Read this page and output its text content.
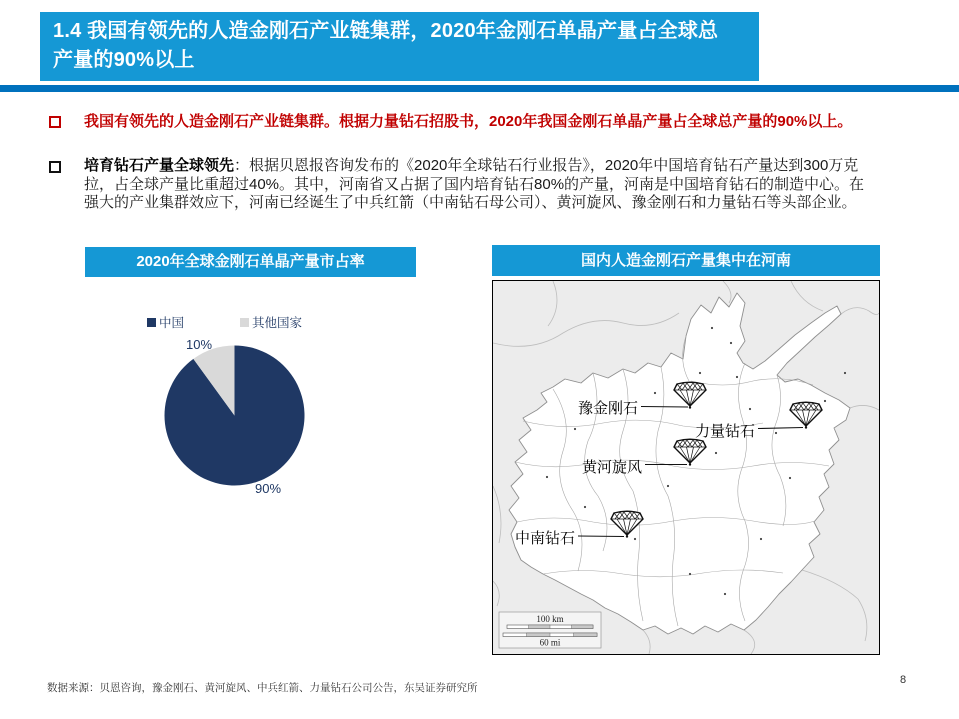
1.4 我国有领先的人造金刚石产业链集群，2020年金刚石单晶产量占全球总产量的90%以上
我国有领先的人造金刚石产业链集群。根据力量钻石招股书，2020年我国金刚石单晶产量占全球总产量的90%以上。
培育钻石产量全球领先：根据贝恩报咨询发布的《2020年全球钻石行业报告》，2020年中国培育钻石产量达到300万克拉，占全球产量比重超过40%。其中，河南省又占据了国内培育钻石80%的产量，河南是中国培育钻石的制造中心。在强大的产业集群效应下，河南已经诞生了中兵红箭（中南钻石母公司）、黄河旋风、豫金刚石和力量钻石等头部企业。
2020年全球金刚石单晶产量市占率
中国	其他国家
10%
90%
国内人造金刚石产量集中在河南
100 km
60 mi
豫金刚石
力量钻石
黄河旋风
中南钻石
数据来源：贝恩咨询，豫金刚石、黄河旋风、中兵红箭、力量钻石公司公告，东吴证券研究所
8
